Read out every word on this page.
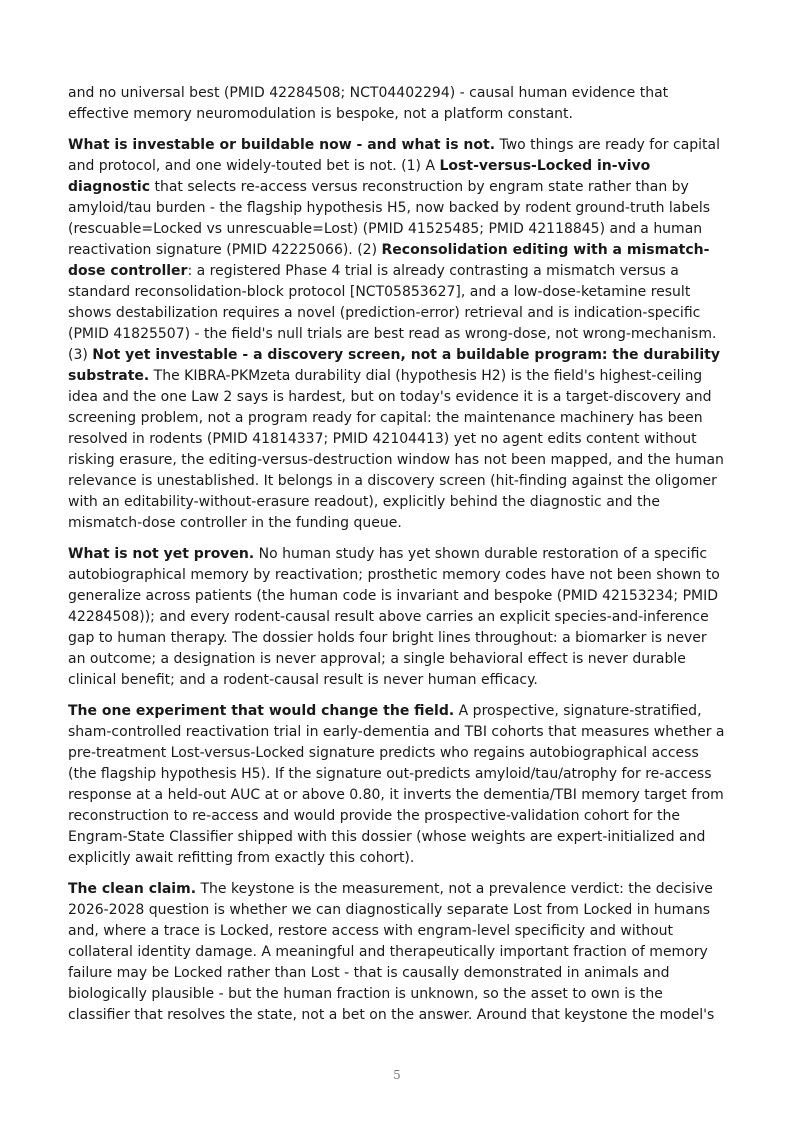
and no universal best (PMID 42284508; NCT04402294) - causal human evidence that effective memory neuromodulation is bespoke, not a platform constant.

What is investable or buildable now - and what is not. Two things are ready for capital and protocol, and one widely-touted bet is not. (1) A Lost-versus-Locked in-vivo diagnostic that selects re-access versus reconstruction by engram state rather than by amyloid/tau burden - the flagship hypothesis H5, now backed by rodent ground-truth labels (rescuable=Locked vs unrescuable=Lost) (PMID 41525485; PMID 42118845) and a human reactivation signature (PMID 42225066). (2) Reconsolidation editing with a mismatch-dose controller: a registered Phase 4 trial is already contrasting a mismatch versus a standard reconsolidation-block protocol [NCT05853627], and a low-dose-ketamine result shows destabilization requires a novel (prediction-error) retrieval and is indication-specific (PMID 41825507) - the field's null trials are best read as wrong-dose, not wrong-mechanism. (3) Not yet investable - a discovery screen, not a buildable program: the durability substrate. The KIBRA-PKMzeta durability dial (hypothesis H2) is the field's highest-ceiling idea and the one Law 2 says is hardest, but on today's evidence it is a target-discovery and screening problem, not a program ready for capital: the maintenance machinery has been resolved in rodents (PMID 41814337; PMID 42104413) yet no agent edits content without risking erasure, the editing-versus-destruction window has not been mapped, and the human relevance is unestablished. It belongs in a discovery screen (hit-finding against the oligomer with an editability-without-erasure readout), explicitly behind the diagnostic and the mismatch-dose controller in the funding queue.

What is not yet proven. No human study has yet shown durable restoration of a specific autobiographical memory by reactivation; prosthetic memory codes have not been shown to generalize across patients (the human code is invariant and bespoke (PMID 42153234; PMID 42284508)); and every rodent-causal result above carries an explicit species-and-inference gap to human therapy. The dossier holds four bright lines throughout: a biomarker is never an outcome; a designation is never approval; a single behavioral effect is never durable clinical benefit; and a rodent-causal result is never human efficacy.

The one experiment that would change the field. A prospective, signature-stratified, sham-controlled reactivation trial in early-dementia and TBI cohorts that measures whether a pre-treatment Lost-versus-Locked signature predicts who regains autobiographical access (the flagship hypothesis H5). If the signature out-predicts amyloid/tau/atrophy for re-access response at a held-out AUC at or above 0.80, it inverts the dementia/TBI memory target from reconstruction to re-access and would provide the prospective-validation cohort for the Engram-State Classifier shipped with this dossier (whose weights are expert-initialized and explicitly await refitting from exactly this cohort).

The clean claim. The keystone is the measurement, not a prevalence verdict: the decisive 2026-2028 question is whether we can diagnostically separate Lost from Locked in humans and, where a trace is Locked, restore access with engram-level specificity and without collateral identity damage. A meaningful and therapeutically important fraction of memory failure may be Locked rather than Lost - that is causally demonstrated in animals and biologically plausible - but the human fraction is unknown, so the asset to own is the classifier that resolves the state, not a bet on the answer. Around that keystone the model's

5
